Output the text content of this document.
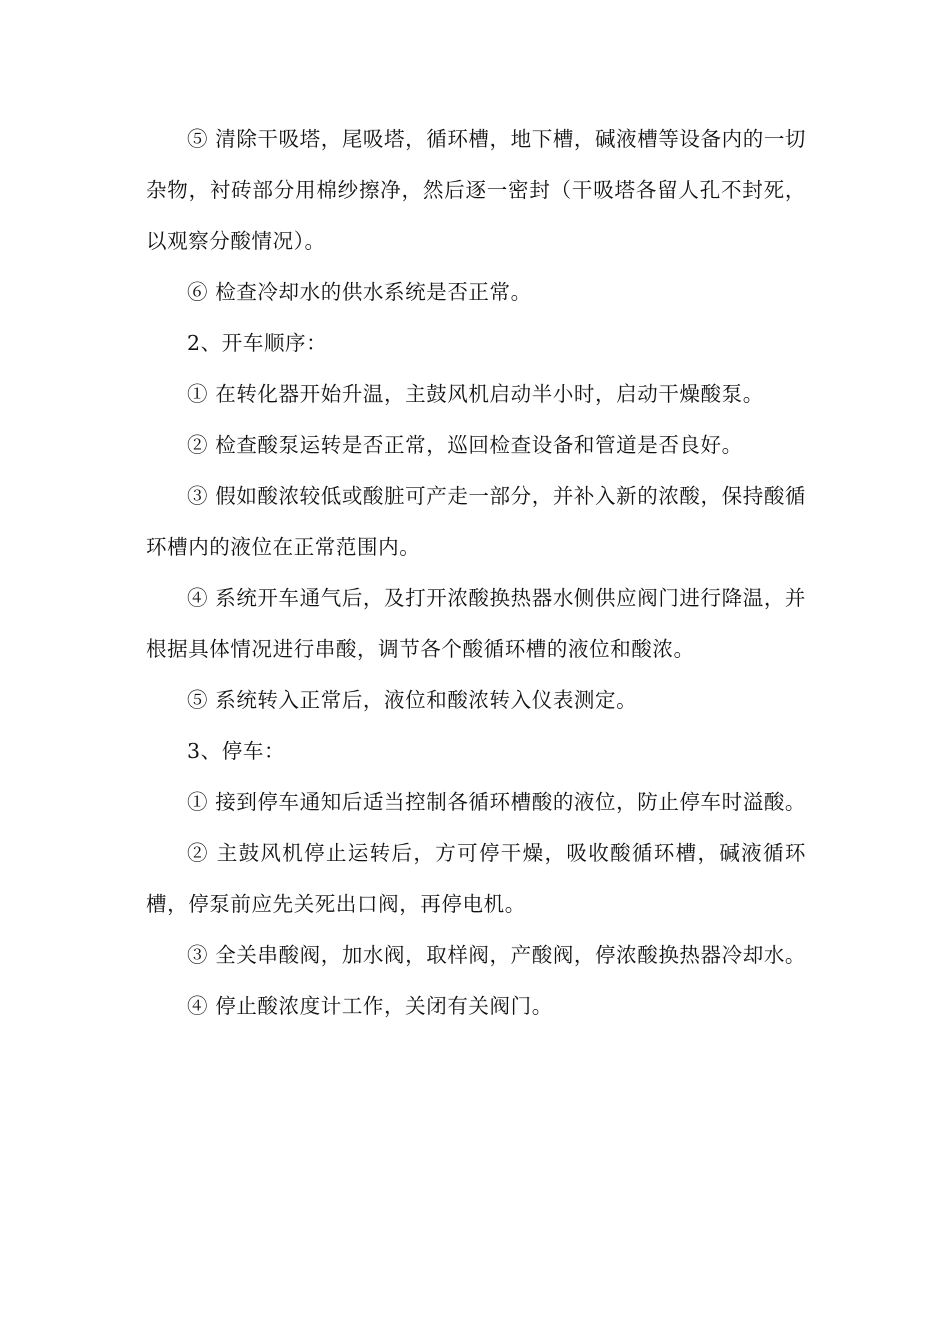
⑤ 清除干吸塔，尾吸塔，循环槽，地下槽，碱液槽等设备内的一切杂物，衬砖部分用棉纱擦净，然后逐一密封（干吸塔各留人孔不封死，以观察分酸情况）。

⑥ 检查冷却水的供水系统是否正常。

2、开车顺序：

① 在转化器开始升温，主鼓风机启动半小时，启动干燥酸泵。

② 检查酸泵运转是否正常，巡回检查设备和管道是否良好。

③ 假如酸浓较低或酸脏可产走一部分，并补入新的浓酸，保持酸循环槽内的液位在正常范围内。

④ 系统开车通气后，及打开浓酸换热器水侧供应阀门进行降温，并根据具体情况进行串酸，调节各个酸循环槽的液位和酸浓。

⑤ 系统转入正常后，液位和酸浓转入仪表测定。

3、停车：

① 接到停车通知后适当控制各循环槽酸的液位，防止停车时溢酸。

② 主鼓风机停止运转后，方可停干燥，吸收酸循环槽，碱液循环槽，停泵前应先关死出口阀，再停电机。

③ 全关串酸阀，加水阀，取样阀，产酸阀，停浓酸换热器冷却水。

④ 停止酸浓度计工作，关闭有关阀门。
